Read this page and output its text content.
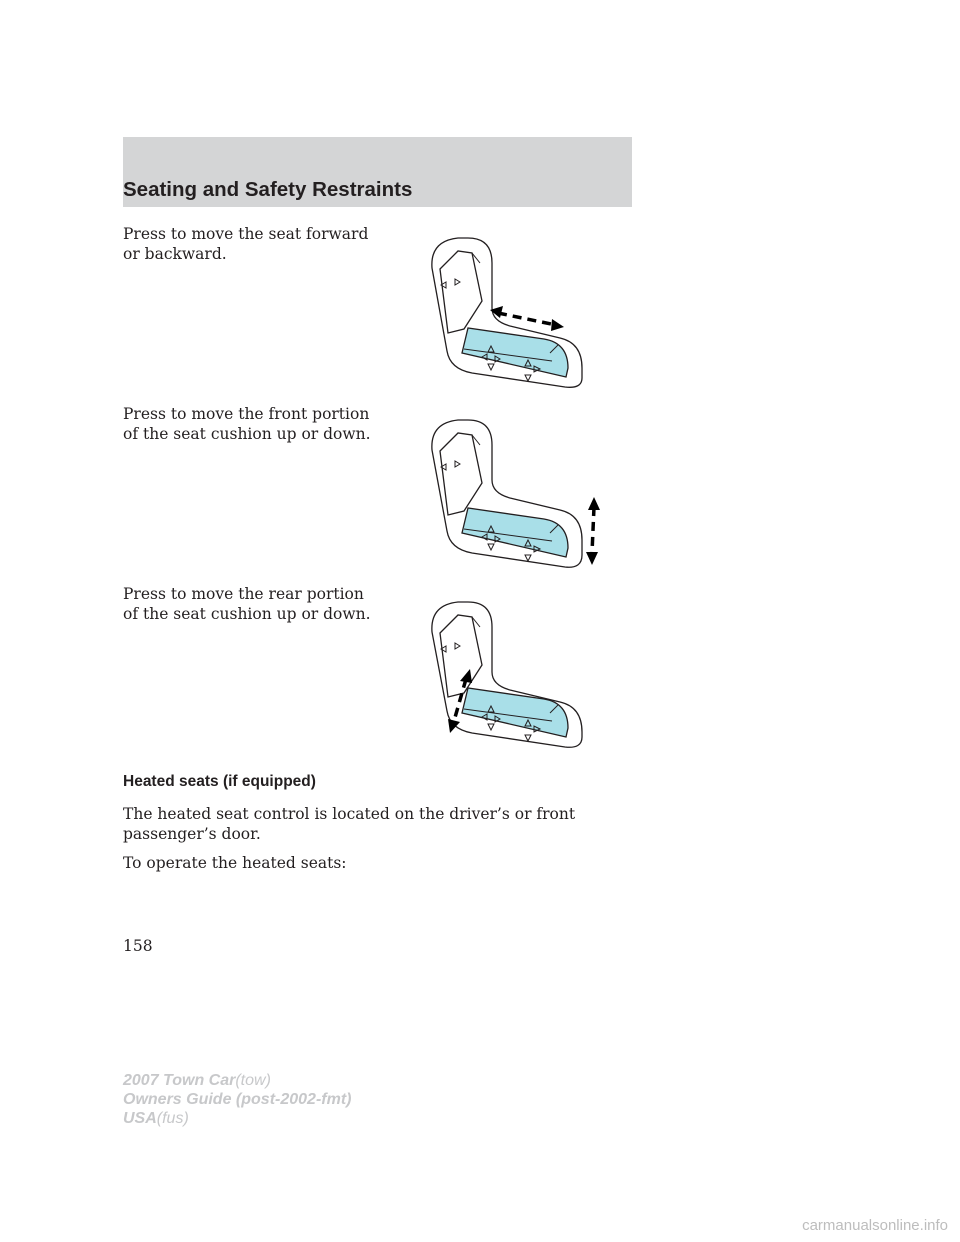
Seating and Safety Restraints

Press to move the seat forward or backward.

Press to move the front portion of the seat cushion up or down.

Press to move the rear portion of the seat cushion up or down.

Heated seats (if equipped)

The heated seat control is located on the driver’s or front passenger’s door.

To operate the heated seats:

158
2007 Town Car(tow)
Owners Guide (post-2002-fmt)
USA(fus)
carmanualsonline.info
